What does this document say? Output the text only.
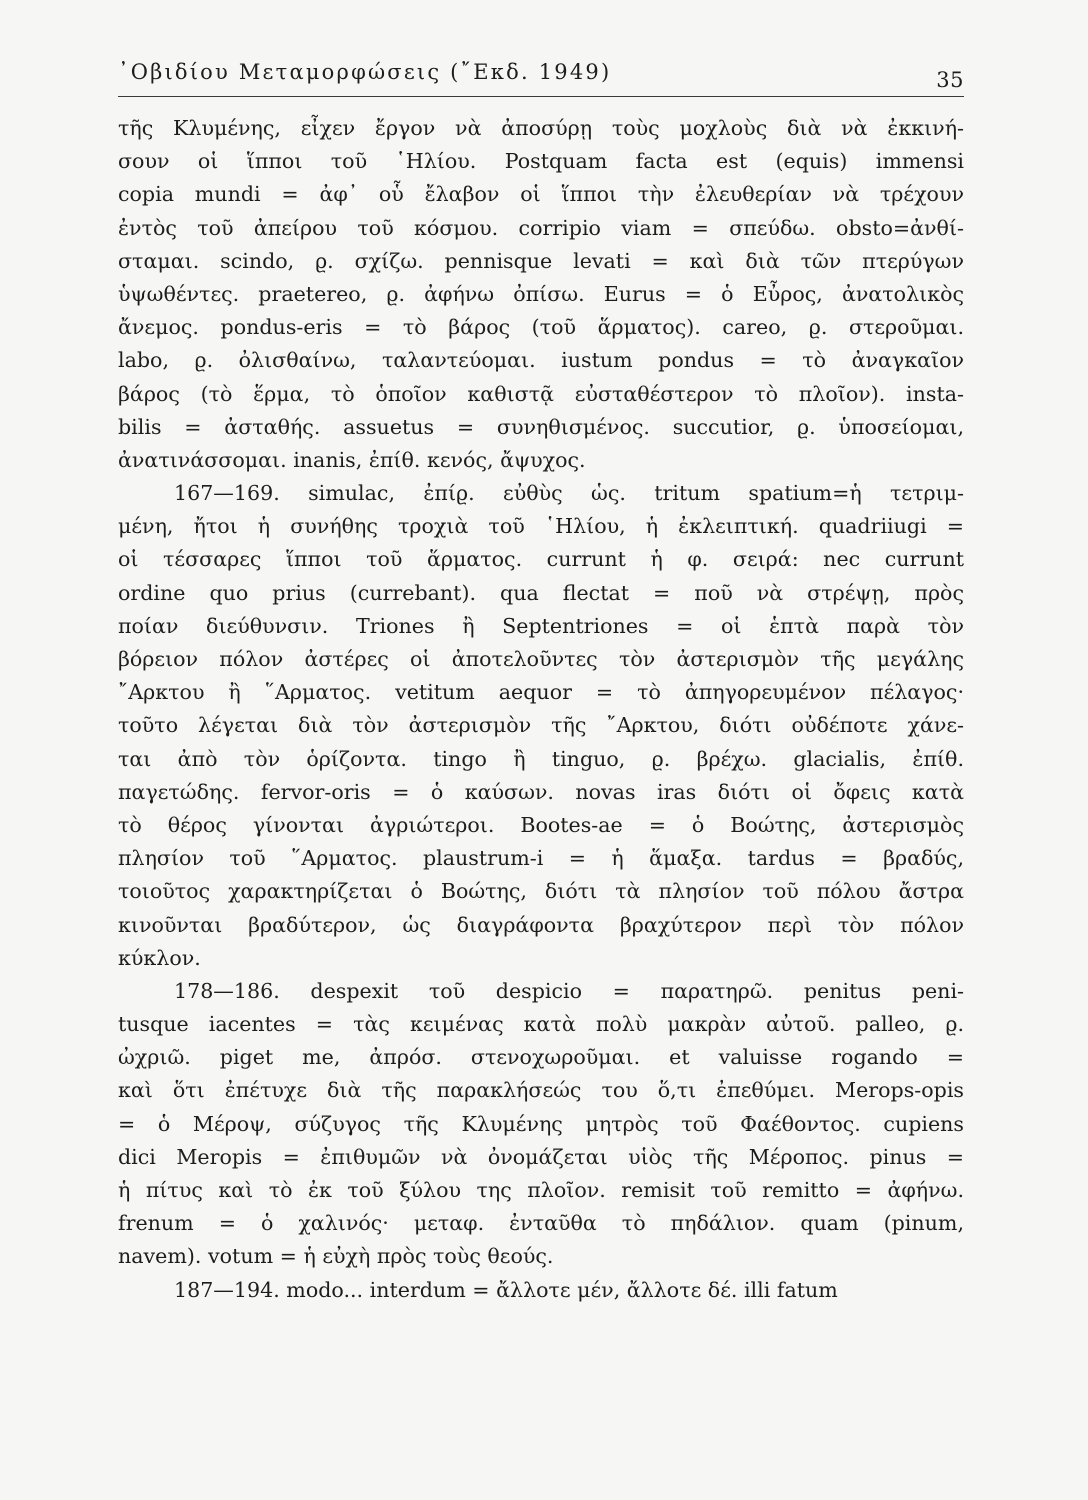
᾿Οβιδίου Μεταμορφώσεις (῎Εκδ. 1949)	35
τῆς Κλυμένης, εἶχεν ἔργον νὰ ἀποσύρῃ τοὺς μοχλοὺς διὰ νὰ ἐκκινή-
σουν οἱ ἵπποι τοῦ ῾Ηλίου. Postquam facta est (equis) immensi
copia mundi = ἀφ᾿ οὗ ἔλαβον οἱ ἵπποι τὴν ἐλευθερίαν νὰ τρέχουν
ἐντὸς τοῦ ἀπείρου τοῦ κόσμου. corripio viam = σπεύδω. obsto=ἀνθί-
σταμαι. scindo, ϱ. σχίζω. pennisque levati = καὶ διὰ τῶν πτερύγων
ὑψωθέντες. praetereo, ϱ. ἀφήνω ὀπίσω. Eurus = ὁ Εὖρος, ἀνατολικὸς
ἄνεμος. pondus-eris = τὸ βάρος (τοῦ ἅρματος). careo, ϱ. στεροῦμαι.
labo, ϱ. ὀλισθαίνω, ταλαντεύομαι. iustum pondus = τὸ ἀναγκαῖον
βάρος (τὸ ἕρμα, τὸ ὁποῖον καθιστᾷ εὐσταθέστερον τὸ πλοῖον). insta-
bilis = ἀσταθής. assuetus = συνηθισμένος. succutior, ϱ. ὑποσείομαι,
ἀνατινάσσομαι. inanis, ἐπίθ. κενός, ἄψυχος.
167—169. simulac, ἐπίϱ. εὐθὺς ὡς. tritum spatium=ἡ τετριμ-
μένη, ἤτοι ἡ συνήθης τροχιὰ τοῦ ῾Ηλίου, ἡ ἐκλειπτική. quadriiugi =
οἱ τέσσαρες ἵπποι τοῦ ἅρματος. currunt ἡ φ. σειρά: nec currunt
ordine quo prius (currebant). qua flectat = ποῦ νὰ στρέψῃ, πρὸς
ποίαν διεύθυνσιν. Triones ἢ Septentriones = οἱ ἑπτὰ παρὰ τὸν
βόρειον πόλον ἀστέρες οἱ ἀποτελοῦντες τὸν ἀστερισμὸν τῆς μεγάλης
῎Αρκτου ἢ ῞Αρματος. vetitum aequor = τὸ ἀπηγορευμένον πέλαγος·
τοῦτο λέγεται διὰ τὸν ἀστερισμὸν τῆς ῎Αρκτου, διότι οὐδέποτε χάνε-
ται ἀπὸ τὸν ὁρίζοντα. tingo ἢ tinguo, ϱ. βρέχω. glacialis, ἐπίθ.
παγετώδης. fervor-oris = ὁ καύσων. novas iras διότι οἱ ὄφεις κατὰ
τὸ θέρος γίνονται ἀγριώτεροι. Bootes-ae = ὁ Βοώτης, ἀστερισμὸς
πλησίον τοῦ ῞Αρματος. plaustrum-i = ἡ ἅμαξα. tardus = βραδύς,
τοιοῦτος χαρακτηρίζεται ὁ Βοώτης, διότι τὰ πλησίον τοῦ πόλου ἄστρα
κινοῦνται βραδύτερον, ὡς διαγράφοντα βραχύτερον περὶ τὸν πόλον
κύκλον.
178—186. despexit τοῦ despicio = παρατηρῶ. penitus peni-
tusque iacentes = τὰς κειμένας κατὰ πολὺ μακρὰν αὐτοῦ. palleo, ϱ.
ὠχριῶ. piget me, ἀπρόσ. στενοχωροῦμαι. et valuisse rogando =
καὶ ὅτι ἐπέτυχε διὰ τῆς παρακλήσεώς του ὅ,τι ἐπεθύμει. Merops-opis
= ὁ Μέροψ, σύζυγος τῆς Κλυμένης μητρὸς τοῦ Φαέθοντος. cupiens
dici Meropis = ἐπιθυμῶν νὰ ὀνομάζεται υἱὸς τῆς Μέροπος. pinus =
ἡ πίτυς καὶ τὸ ἐκ τοῦ ξύλου της πλοῖον. remisit τοῦ remitto = ἀφήνω.
frenum = ὁ χαλινός· μεταφ. ἐνταῦθα τὸ πηδάλιον. quam (pinum,
navem). votum = ἡ εὐχὴ πρὸς τοὺς θεούς.
187—194. modo... interdum = ἄλλοτε μέν, ἄλλοτε δέ. illi fatum
